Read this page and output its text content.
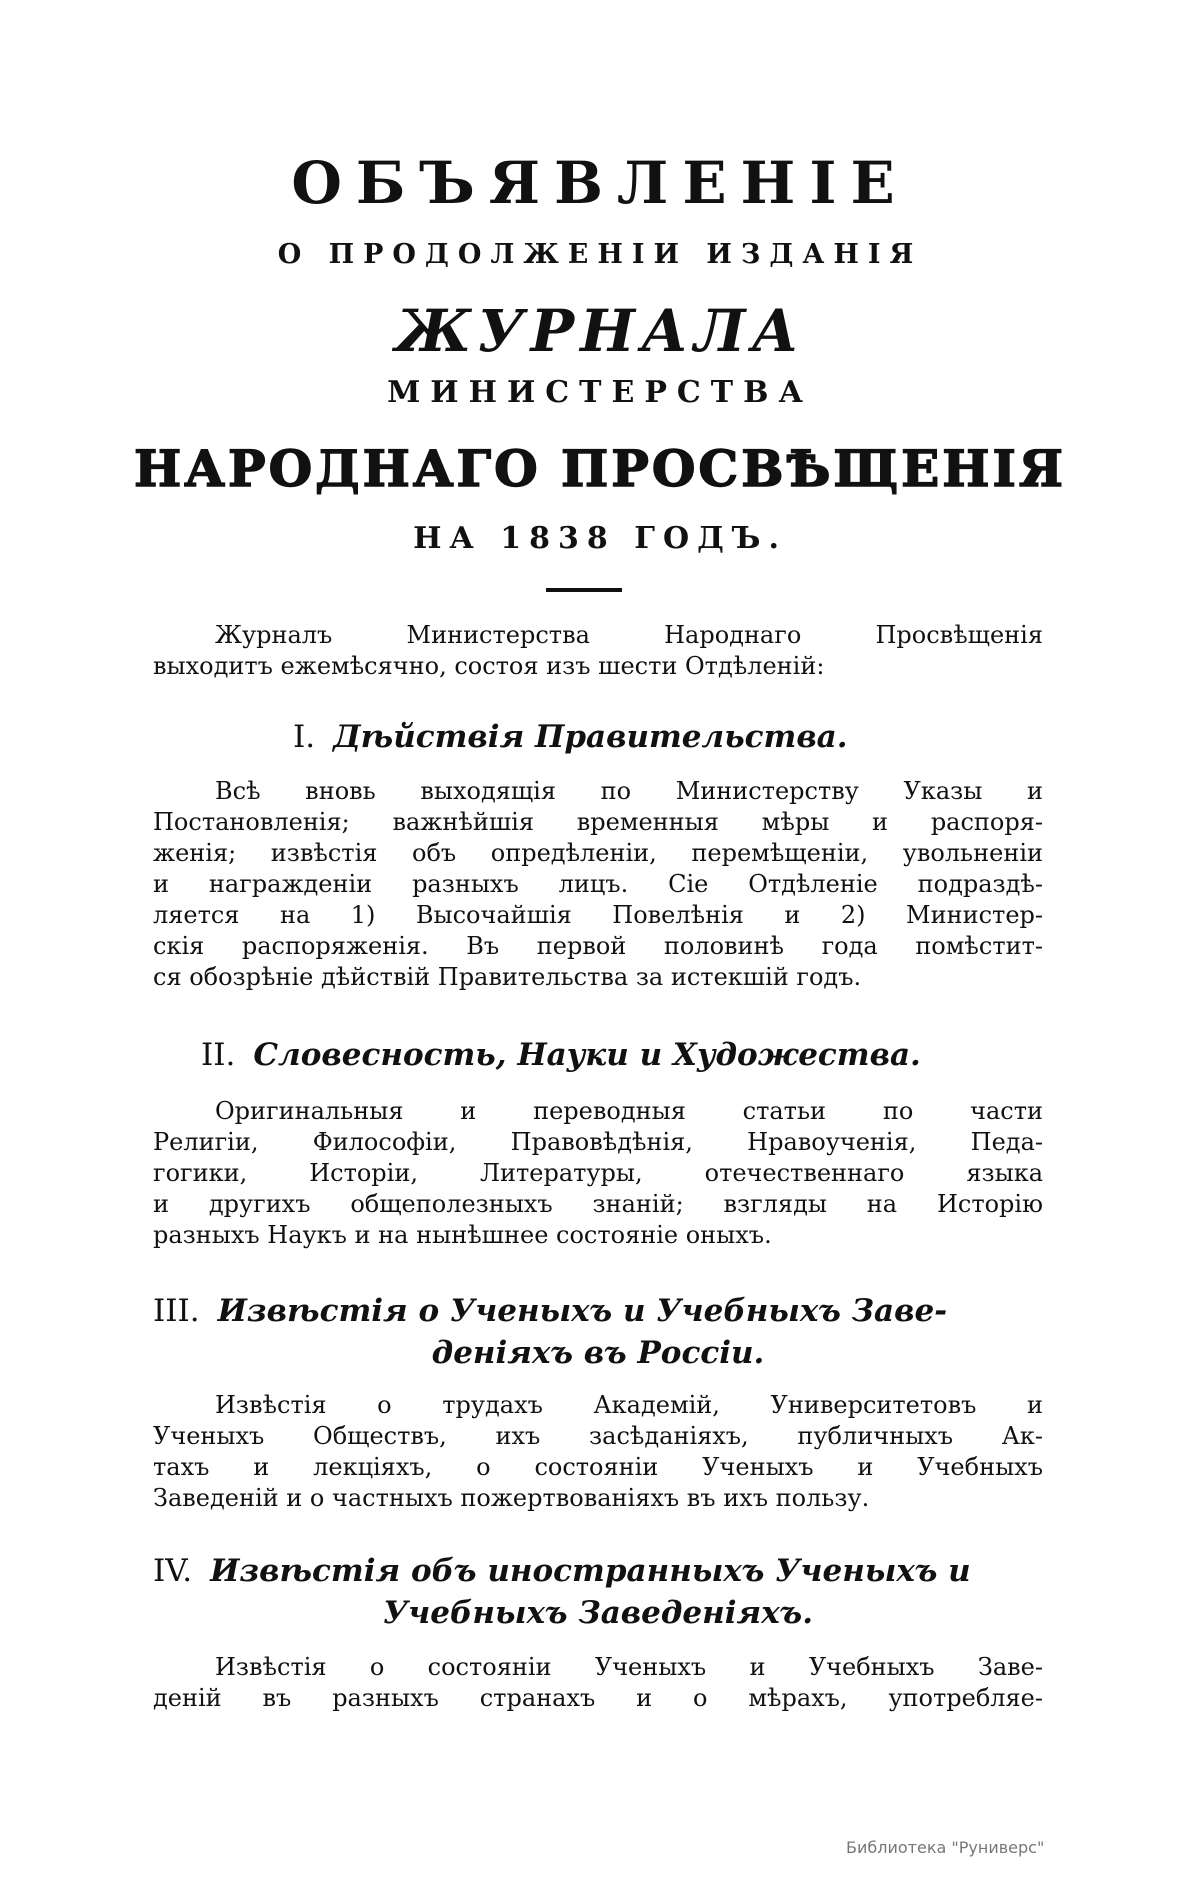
ОБЪЯВЛЕНІЕ
О ПРОДОЛЖЕНІИ ИЗДАНІЯ
ЖУРНАЛА
МИНИСТЕРСТВА
НАРОДНАГО ПРОСВѢЩЕНІЯ
НА 1838 ГОДЪ.
Журналъ Министерства Народнаго Просвѣщенія
выходитъ ежемѣсячно, состоя изъ шести Отдѣленій:
I. Дѣйствія Правительства.
Всѣ вновь выходящія по Министерству Указы и
Постановленія; важнѣйшія временныя мѣры и распоря-
женія; извѣстія объ опредѣленіи, перемѣщеніи, увольненіи
и награжденіи разныхъ лицъ. Сіе Отдѣленіе подраздѣ-
ляется на 1) Высочайшія Повелѣнія и 2) Министер-
скія распоряженія. Въ первой половинѣ года помѣстит-
ся обозрѣніе дѣйствій Правительства за истекшій годъ.
II. Словесность, Науки и Художества.
Оригинальныя и переводныя статьи по части
Религіи, Философіи, Правовѣдѣнія, Нравоученія, Педа-
гогики, Исторіи, Литературы, отечественнаго языка
и другихъ общеполезныхъ знаній; взгляды на Исторію
разныхъ Наукъ и на нынѣшнее состояніе оныхъ.
III. Извѣстія о Ученыхъ и Учебныхъ Заве-
деніяхъ въ Россіи.
Извѣстія о трудахъ Академій, Университетовъ и
Ученыхъ Обществъ, ихъ засѣданіяхъ, публичныхъ Ак-
тахъ и лекціяхъ, о состояніи Ученыхъ и Учебныхъ
Заведеній и о частныхъ пожертвованіяхъ въ ихъ пользу.
IV. Извѣстія объ иностранныхъ Ученыхъ и
Учебныхъ Заведеніяхъ.
Извѣстія о состояніи Ученыхъ и Учебныхъ Заве-
деній въ разныхъ странахъ и о мѣрахъ, употребляе-
Библиотека "Руниверс"
